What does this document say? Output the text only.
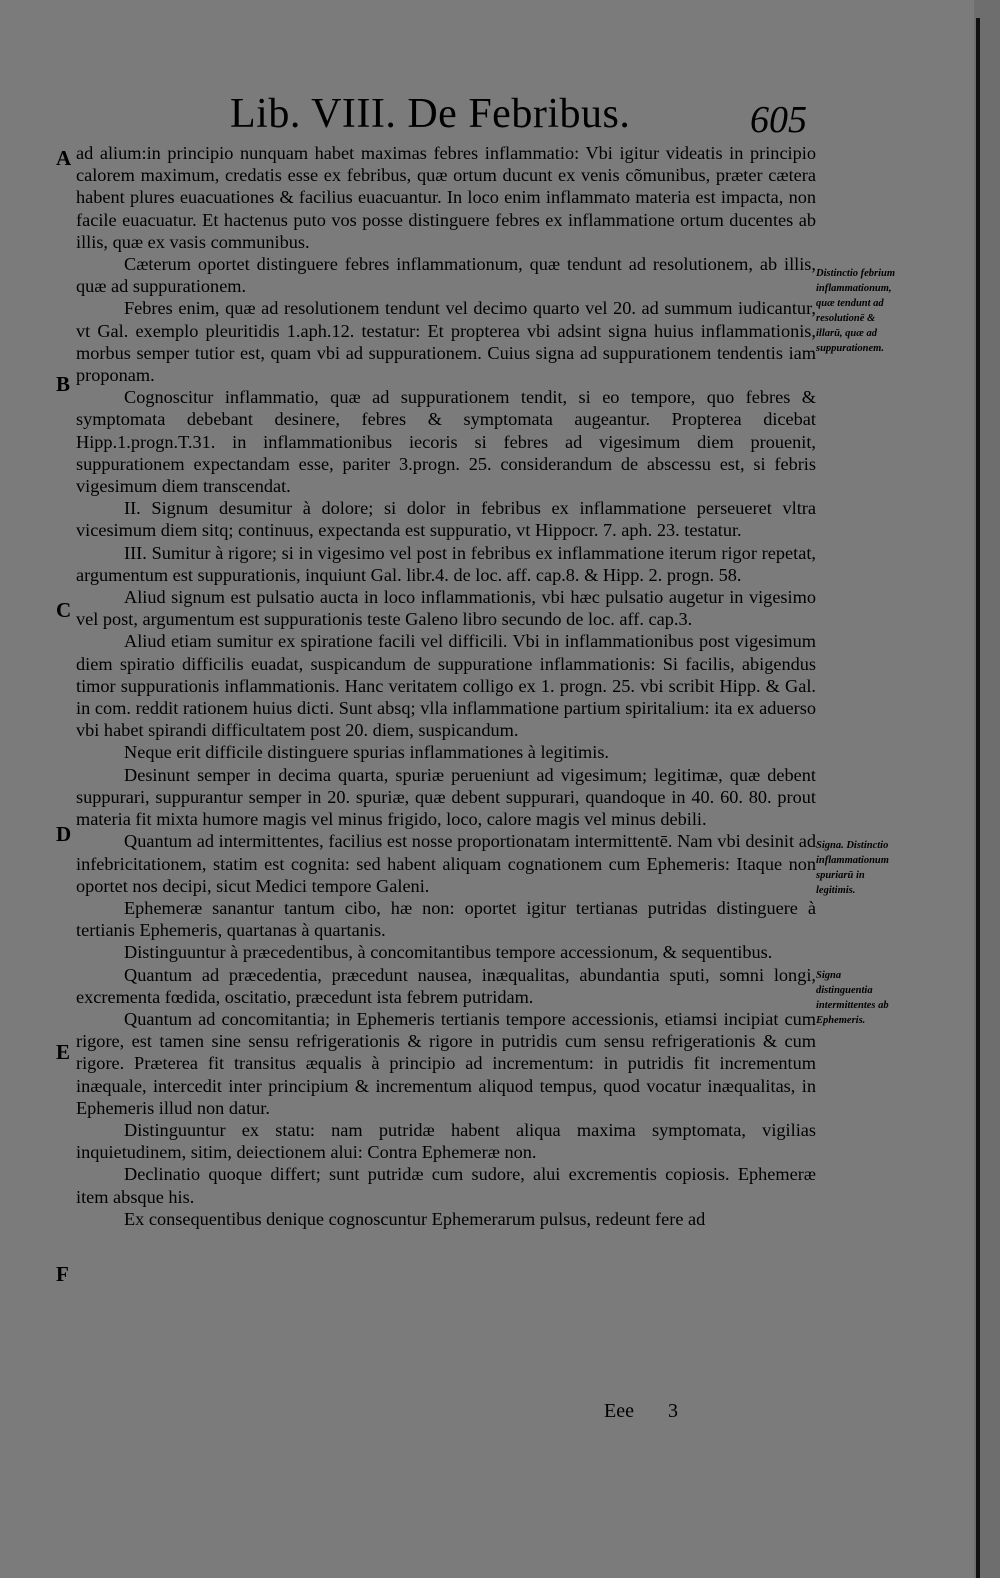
Lib. VIII. De Febribus.	605

ad alium:in principio nunquam habet maximas febres inflammatio: Vbi igitur videatis in principio calorem maximum, credatis esse ex febribus, quæ ortum ducunt ex venis cõmunibus, præter cætera habent plures euacuationes & facilius euacuantur. In loco enim inflammato materia est impacta, non facile euacuatur. Et hactenus puto vos posse distinguere febres ex inflammatione ortum ducentes ab illis, quæ ex vasis communibus.

Cæterum oportet distinguere febres inflammationum, quæ tendunt ad resolutionem, ab illis, quæ ad suppurationem.

Febres enim, quæ ad resolutionem tendunt vel decimo quarto vel 20. ad summum iudicantur, vt Gal. exemplo pleuritidis 1.aph.12. testatur: Et propterea vbi adsint signa huius inflammationis, morbus semper tutior est, quam vbi ad suppurationem. Cuius signa ad suppurationem tendentis iam proponam.

Cognoscitur inflammatio, quæ ad suppurationem tendit, si eo tempore, quo febres & symptomata debebant desinere, febres & symptomata augeantur. Propterea dicebat Hipp.1.progn.T.31. in inflammationibus iecoris si febres ad vigesimum diem prouenit, suppurationem expectandam esse, pariter 3.progn. 25. considerandum de abscessu est, si febris vigesimum diem transcendat.

II. Signum desumitur à dolore; si dolor in febribus ex inflammatione perseueret vltra vicesimum diem sitq; continuus, expectanda est suppuratio, vt Hippocr. 7. aph. 23. testatur.

III. Sumitur à rigore; si in vigesimo vel post in febribus ex inflammatione iterum rigor repetat, argumentum est suppurationis, inquiunt Gal. libr.4. de loc. aff. cap.8. & Hipp. 2. progn. 58.

Aliud signum est pulsatio aucta in loco inflammationis, vbi hæc pulsatio augetur in vigesimo vel post, argumentum est suppurationis teste Galeno libro secundo de loc. aff. cap.3.

Aliud etiam sumitur ex spiratione facili vel difficili. Vbi in inflammationibus post vigesimum diem spiratio difficilis euadat, suspicandum de suppuratione inflammationis: Si facilis, abigendus timor suppurationis inflammationis. Hanc veritatem colligo ex 1. progn. 25. vbi scribit Hipp. & Gal. in com. reddit rationem huius dicti. Sunt absq; vlla inflammatione partium spiritalium: ita ex aduerso vbi habet spirandi difficultatem post 20. diem, suspicandum.

Neque erit difficile distinguere spurias inflammationes à legitimis.

Desinunt semper in decima quarta, spuriæ perueniunt ad vigesimum; legitimæ, quæ debent suppurari, suppurantur semper in 20. spuriæ, quæ debent suppurari, quandoque in 40. 60. 80. prout materia fit mixta humore magis vel minus frigido, loco, calore magis vel minus debili.

Quantum ad intermittentes, facilius est nosse proportionatam intermittentē. Nam vbi desinit ad infebricitationem, statim est cognita: sed habent aliquam cognationem cum Ephemeris: Itaque non oportet nos decipi, sicut Medici tempore Galeni.

Ephemeræ sanantur tantum cibo, hæ non: oportet igitur tertianas putridas distinguere à tertianis Ephemeris, quartanas à quartanis.

Distinguuntur à præcedentibus, à concomitantibus tempore accessionum, & sequentibus.

Quantum ad præcedentia, præcedunt nausea, inæqualitas, abundantia sputi, somni longi, excrementa fœdida, oscitatio, præcedunt ista febrem putridam.

Quantum ad concomitantia; in Ephemeris tertianis tempore accessionis, etiamsi incipiat cum rigore, est tamen sine sensu refrigerationis & rigore in putridis cum sensu refrigerationis & cum rigore. Præterea fit transitus æqualis à principio ad incrementum: in putridis fit incrementum inæquale, intercedit inter principium & incrementum aliquod tempus, quod vocatur inæqualitas, in Ephemeris illud non datur.

Distinguuntur ex statu: nam putridæ habent aliqua maxima symptomata, vigilias inquietudinem, sitim, deiectionem alui: Contra Ephemeræ non.

Declinatio quoque differt; sunt putridæ cum sudore, alui excrementis copiosis. Ephemeræ item absque his.

Ex consequentibus denique cognoscuntur Ephemerarum pulsus, redeunt fere ad

A
B
C
D
E
F
Distinctio febrium inflammationum, quæ tendunt ad resolutionē & illarū, quæ ad suppurationem.
Signa. Distinctio inflammationum spuriarū in legitimis.
Signa distinguentia intermittentes ab Ephemeris.
Eee 3
